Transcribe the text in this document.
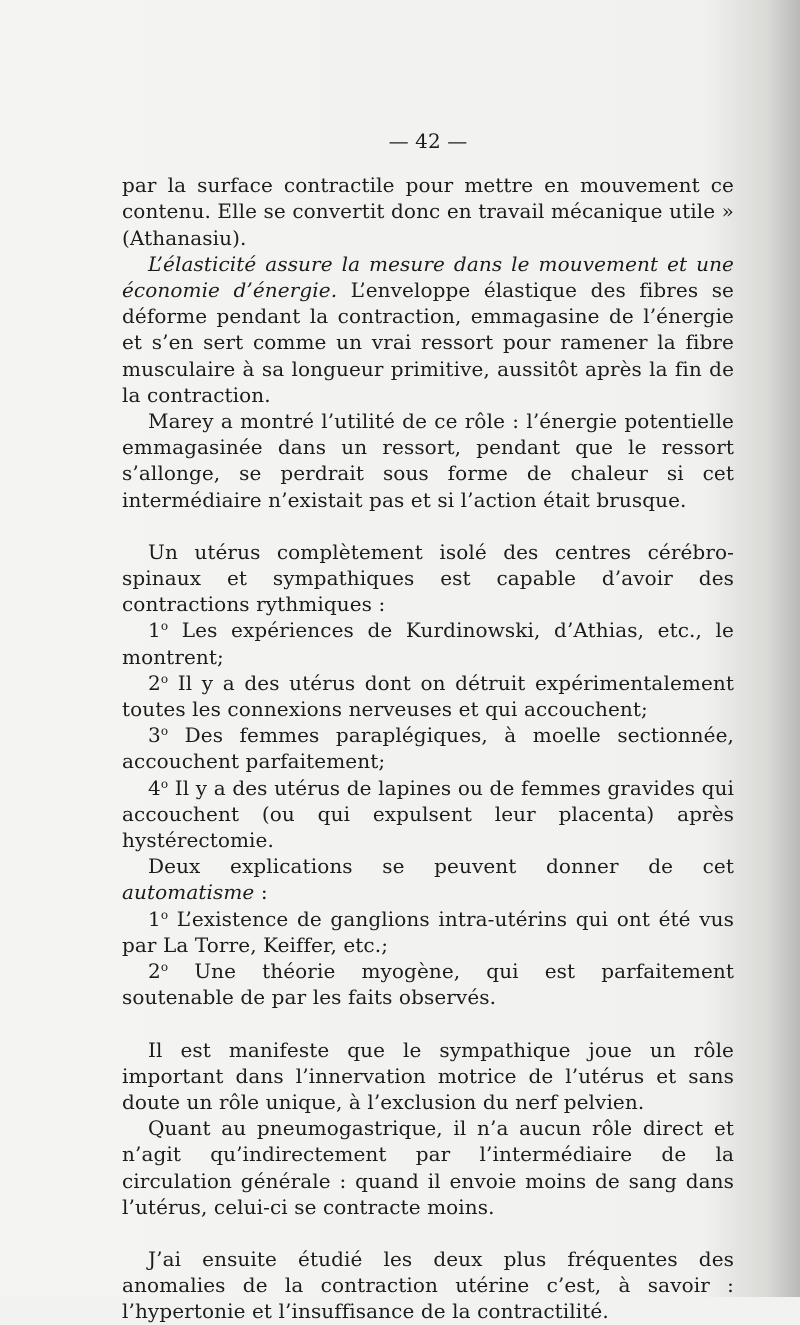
— 42 —

par la surface contractile pour mettre en mouvement ce contenu. Elle se convertit donc en travail mécanique utile » (Athanasiu).

L’élasticité assure la mesure dans le mouvement et une économie d’énergie. L’enveloppe élastique des fibres se déforme pendant la contraction, emmagasine de l’énergie et s’en sert comme un vrai ressort pour ramener la fibre musculaire à sa longueur primitive, aussitôt après la fin de la contraction.

Marey a montré l’utilité de ce rôle : l’énergie potentielle emmagasinée dans un ressort, pendant que le ressort s’allonge, se perdrait sous forme de chaleur si cet intermédiaire n’existait pas et si l’action était brusque.

Un utérus complètement isolé des centres cérébro-spinaux et sympathiques est capable d’avoir des contractions rythmiques :

1$^o$ Les expériences de Kurdinowski, d’Athias, etc., le montrent;

2$^o$ Il y a des utérus dont on détruit expérimentalement toutes les connexions nerveuses et qui accouchent;

3$^o$ Des femmes paraplégiques, à moelle sectionnée, accouchent parfaitement;

4$^o$ Il y a des utérus de lapines ou de femmes gravides qui accouchent (ou qui expulsent leur placenta) après hystérectomie.

Deux explications se peuvent donner de cet automatisme :

1$^o$ L’existence de ganglions intra-utérins qui ont été vus par La Torre, Keiffer, etc.;

2$^o$ Une théorie myogène, qui est parfaitement soutenable de par les faits observés.

Il est manifeste que le sympathique joue un rôle important dans l’innervation motrice de l’utérus et sans doute un rôle unique, à l’exclusion du nerf pelvien.

Quant au pneumogastrique, il n’a aucun rôle direct et n’agit qu’indirectement par l’intermédiaire de la circulation générale : quand il envoie moins de sang dans l’utérus, celui-ci se contracte moins.

J’ai ensuite étudié les deux plus fréquentes des anomalies de la contraction utérine c’est, à savoir : l’hypertonie et l’insuffisance de la contractilité.
